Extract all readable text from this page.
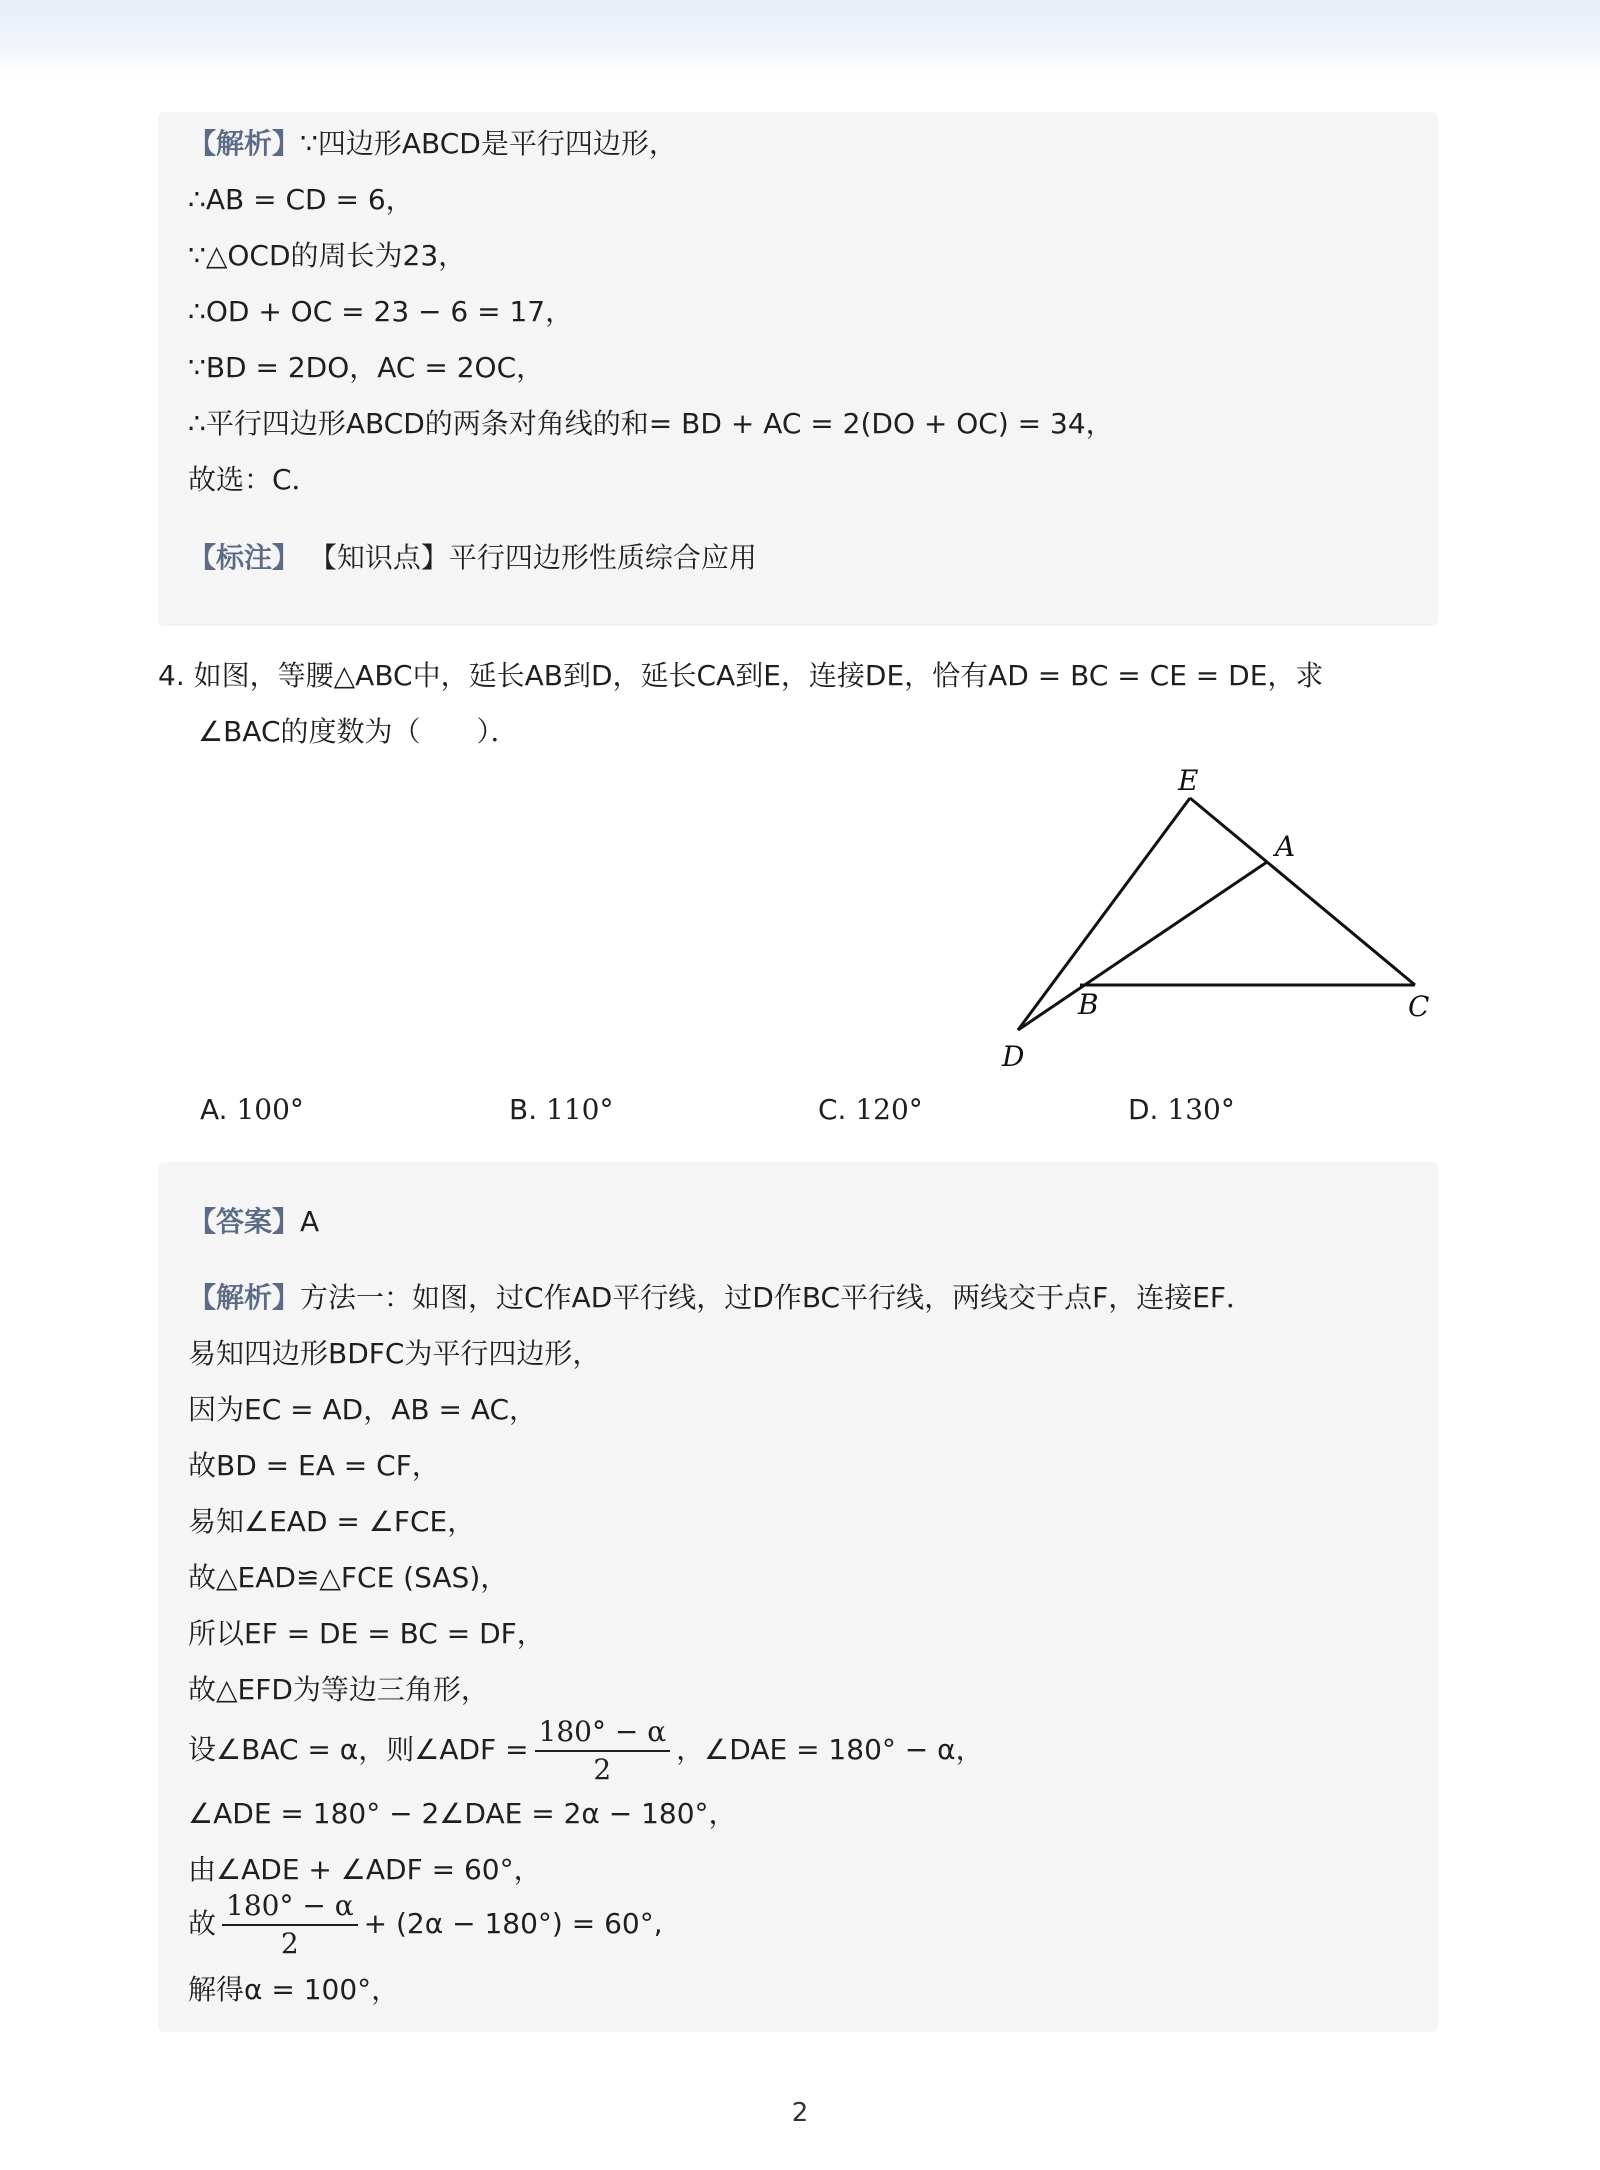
【解析】∵四边形ABCD是平行四边形，
∴AB = CD = 6，
∵△OCD的周长为23，
∴OD + OC = 23 − 6 = 17，
∵BD = 2DO，AC = 2OC，
∴平行四边形ABCD的两条对角线的和= BD + AC = 2(DO + OC) = 34，
故选：C．
【标注】 【知识点】平行四边形性质综合应用
4. 如图，等腰△ABC中，延长AB到D，延长CA到E，连接DE，恰有AD = BC = CE = DE，求
∠BAC的度数为（　　）．
E
A
B	C
D
A. 100°	B. 110°	C. 120°	D. 130°
【答案】A
【解析】方法一：如图，过C作AD平行线，过D作BC平行线，两线交于点F，连接EF．
易知四边形BDFC为平行四边形，
因为EC = AD，AB = AC，
故BD = EA = CF，
易知∠EAD = ∠FCE，
故△EAD≌△FCE (SAS)，
所以EF = DE = BC = DF，
故△EFD为等边三角形，
设∠BAC = α，则∠ADF = $\frac{180^\circ - \alpha}{2}$ ，∠DAE = 180° − α，
∠ADE = 180° − 2∠DAE = 2α − 180°，
由∠ADE + ∠ADF = 60°，
故 $\frac{180^\circ - \alpha}{2} + (2\alpha - 180^\circ) = 60^\circ$,
解得α = 100°，
2
